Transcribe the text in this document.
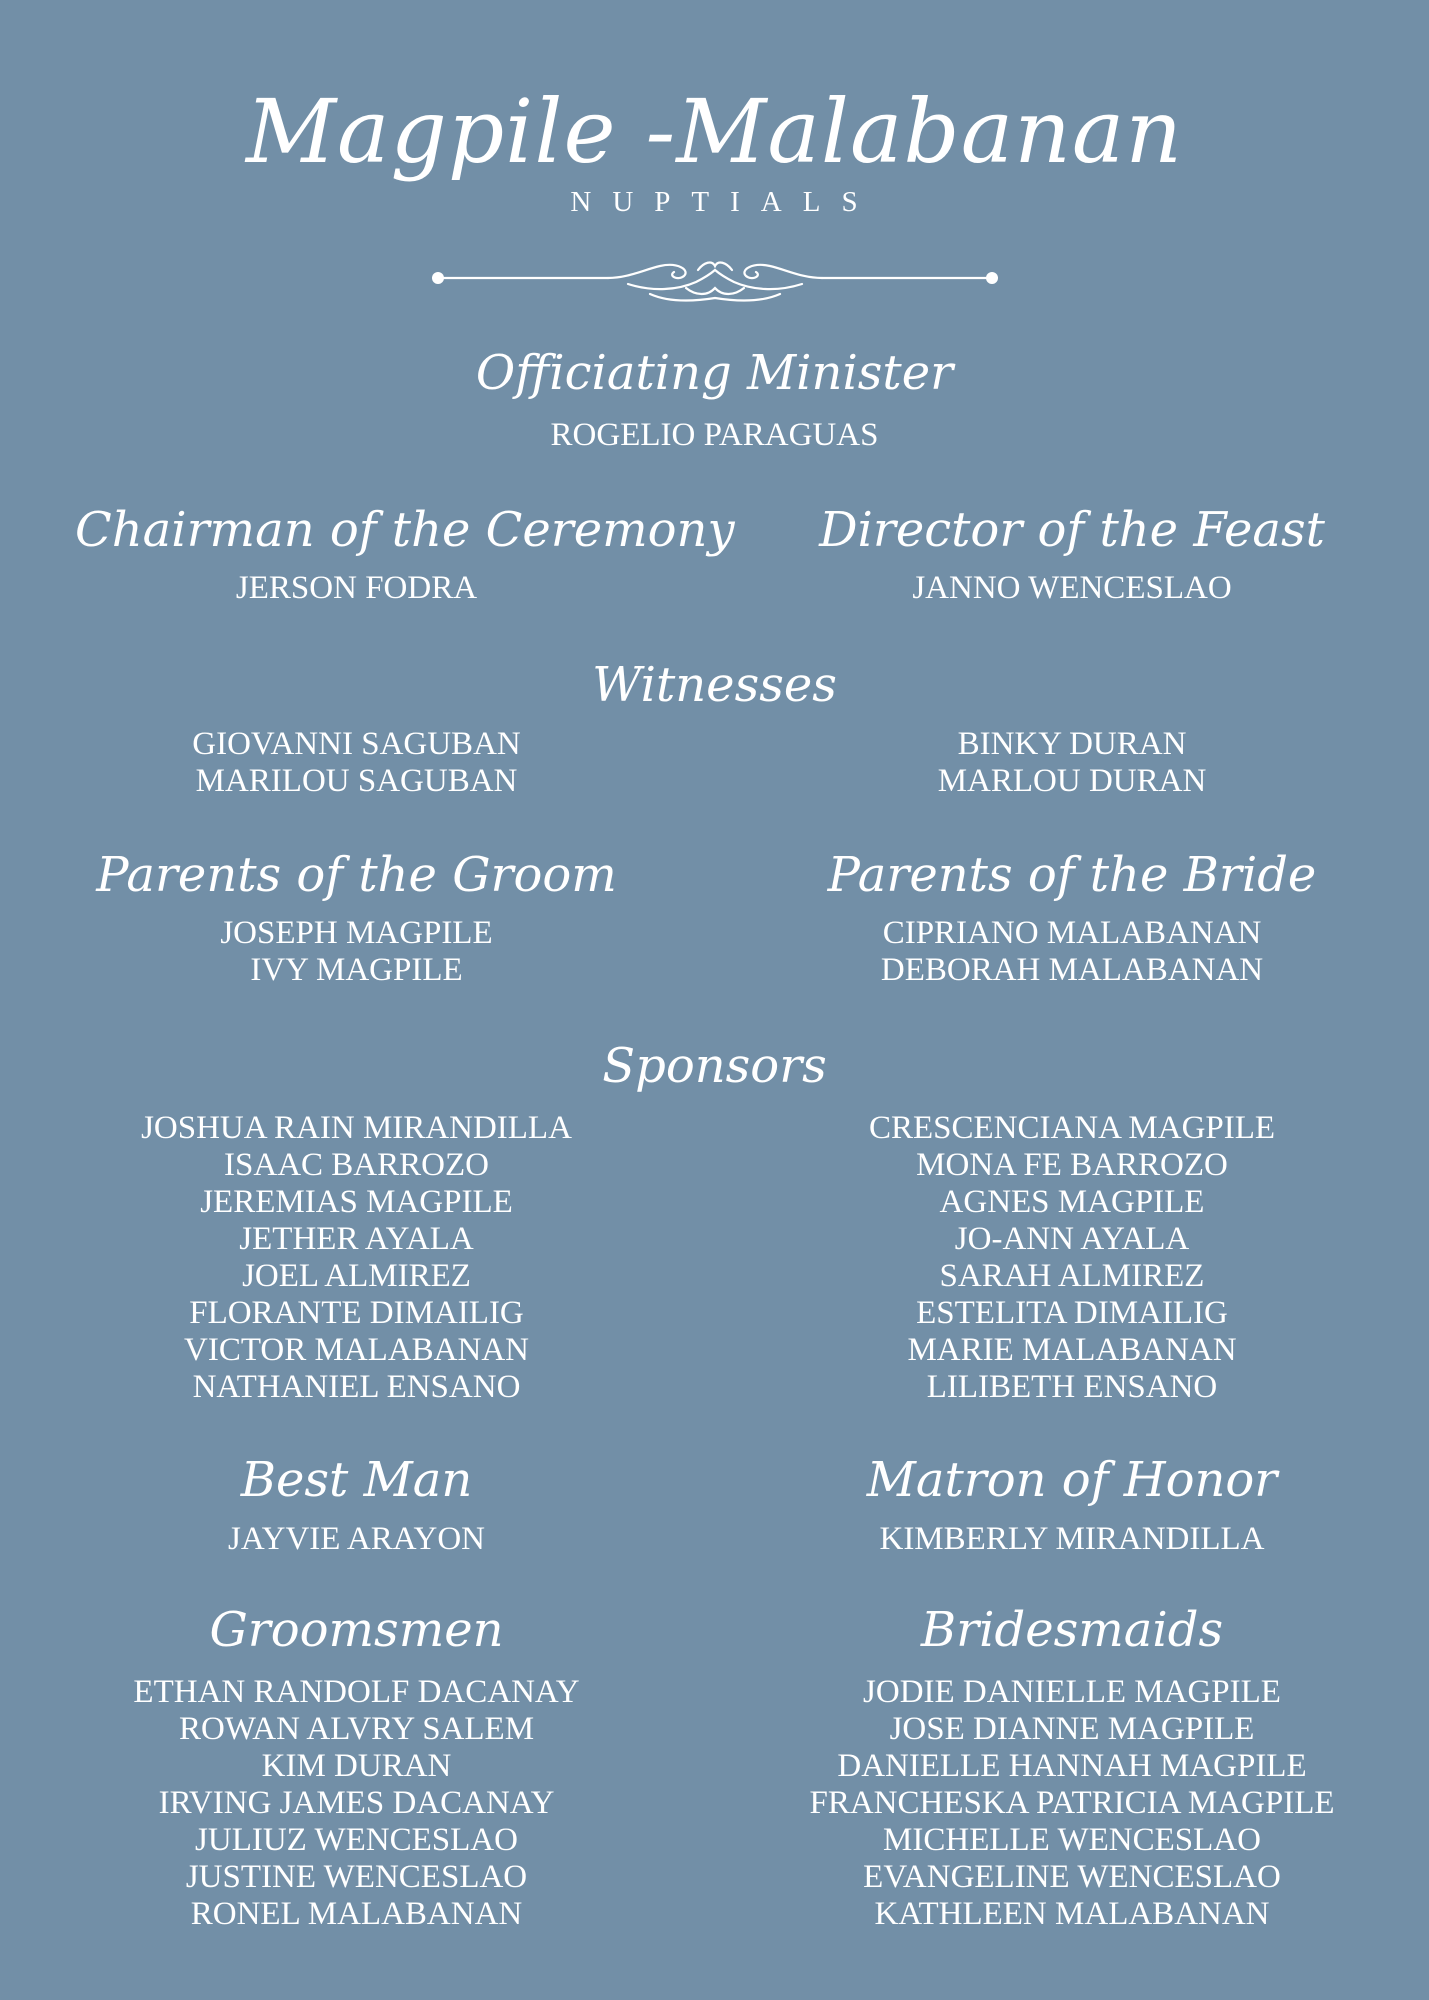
Magpile -Malabanan
NUPTIALS
Officiating Minister
ROGELIO PARAGUAS
Chairman of the Ceremony
JERSON FODRA
Director of the Feast
JANNO WENCESLAO
Witnesses
GIOVANNI SAGUBAN
MARILOU SAGUBAN
BINKY DURAN
MARLOU DURAN
Parents of the Groom
JOSEPH MAGPILE
IVY MAGPILE
Parents of the Bride
CIPRIANO MALABANAN
DEBORAH MALABANAN
Sponsors
JOSHUA RAIN MIRANDILLA
ISAAC BARROZO
JEREMIAS MAGPILE
JETHER AYALA
JOEL ALMIREZ
FLORANTE DIMAILIG
VICTOR MALABANAN
NATHANIEL ENSANO
CRESCENCIANA MAGPILE
MONA FE BARROZO
AGNES MAGPILE
JO-ANN AYALA
SARAH ALMIREZ
ESTELITA DIMAILIG
MARIE MALABANAN
LILIBETH ENSANO
Best Man
JAYVIE ARAYON
Matron of Honor
KIMBERLY MIRANDILLA
Groomsmen
ETHAN RANDOLF DACANAY
ROWAN ALVRY SALEM
KIM DURAN
IRVING JAMES DACANAY
JULIUZ WENCESLAO
JUSTINE WENCESLAO
RONEL MALABANAN
Bridesmaids
JODIE DANIELLE MAGPILE
JOSE DIANNE MAGPILE
DANIELLE HANNAH MAGPILE
FRANCHESKA PATRICIA MAGPILE
MICHELLE WENCESLAO
EVANGELINE WENCESLAO
KATHLEEN MALABANAN
